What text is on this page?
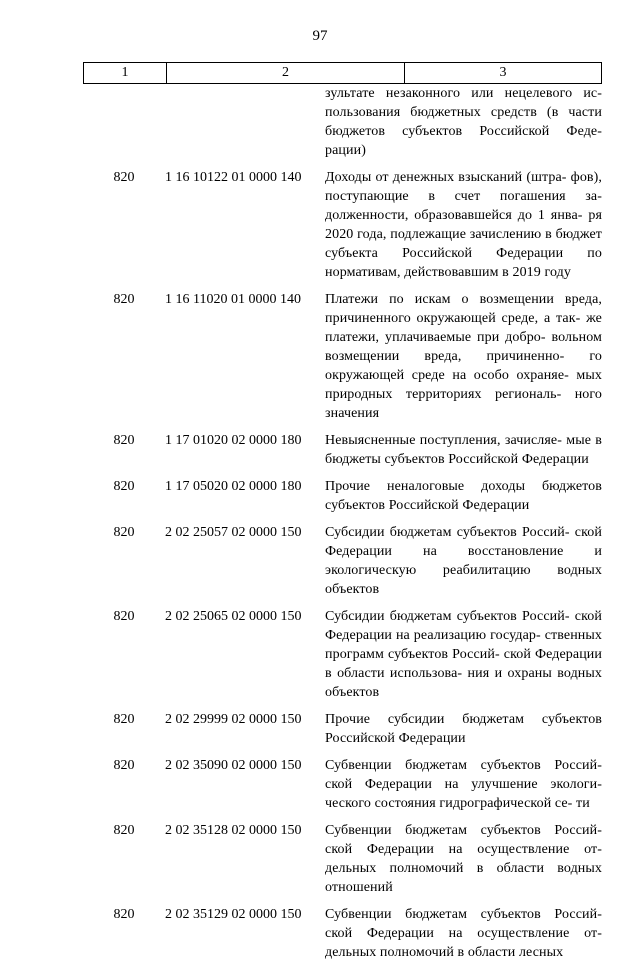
97
1	2	3
зультате незаконного или нецелевого ис- пользования бюджетных средств (в части бюджетов субъектов Российской Феде- рации)
820	1 16 10122 01 0000 140	Доходы от денежных взысканий (штра- фов), поступающие в счет погашения за- долженности, образовавшейся до 1 янва- ря 2020 года, подлежащие зачислению в бюджет субъекта Российской Федерации по нормативам, действовавшим в 2019 году
820	1 16 11020 01 0000 140	Платежи по искам о возмещении вреда, причиненного окружающей среде, а так- же платежи, уплачиваемые при добро- вольном возмещении вреда, причиненно- го окружающей среде на особо охраняе- мых природных территориях региональ- ного значения
820	1 17 01020 02 0000 180	Невыясненные поступления, зачисляе- мые в бюджеты субъектов Российской Федерации
820	1 17 05020 02 0000 180	Прочие неналоговые доходы бюджетов субъектов Российской Федерации
820	2 02 25057 02 0000 150	Субсидии бюджетам субъектов Россий- ской Федерации на восстановление и экологическую реабилитацию водных объектов
820	2 02 25065 02 0000 150	Субсидии бюджетам субъектов Россий- ской Федерации на реализацию государ- ственных программ субъектов Россий- ской Федерации в области использова- ния и охраны водных объектов
820	2 02 29999 02 0000 150	Прочие субсидии бюджетам субъектов Российской Федерации
820	2 02 35090 02 0000 150	Субвенции бюджетам субъектов Россий- ской Федерации на улучшение экологи- ческого состояния гидрографической се- ти
820	2 02 35128 02 0000 150	Субвенции бюджетам субъектов Россий- ской Федерации на осуществление от- дельных полномочий в области водных отношений
820	2 02 35129 02 0000 150	Субвенции бюджетам субъектов Россий- ской Федерации на осуществление от- дельных полномочий в области лесных
